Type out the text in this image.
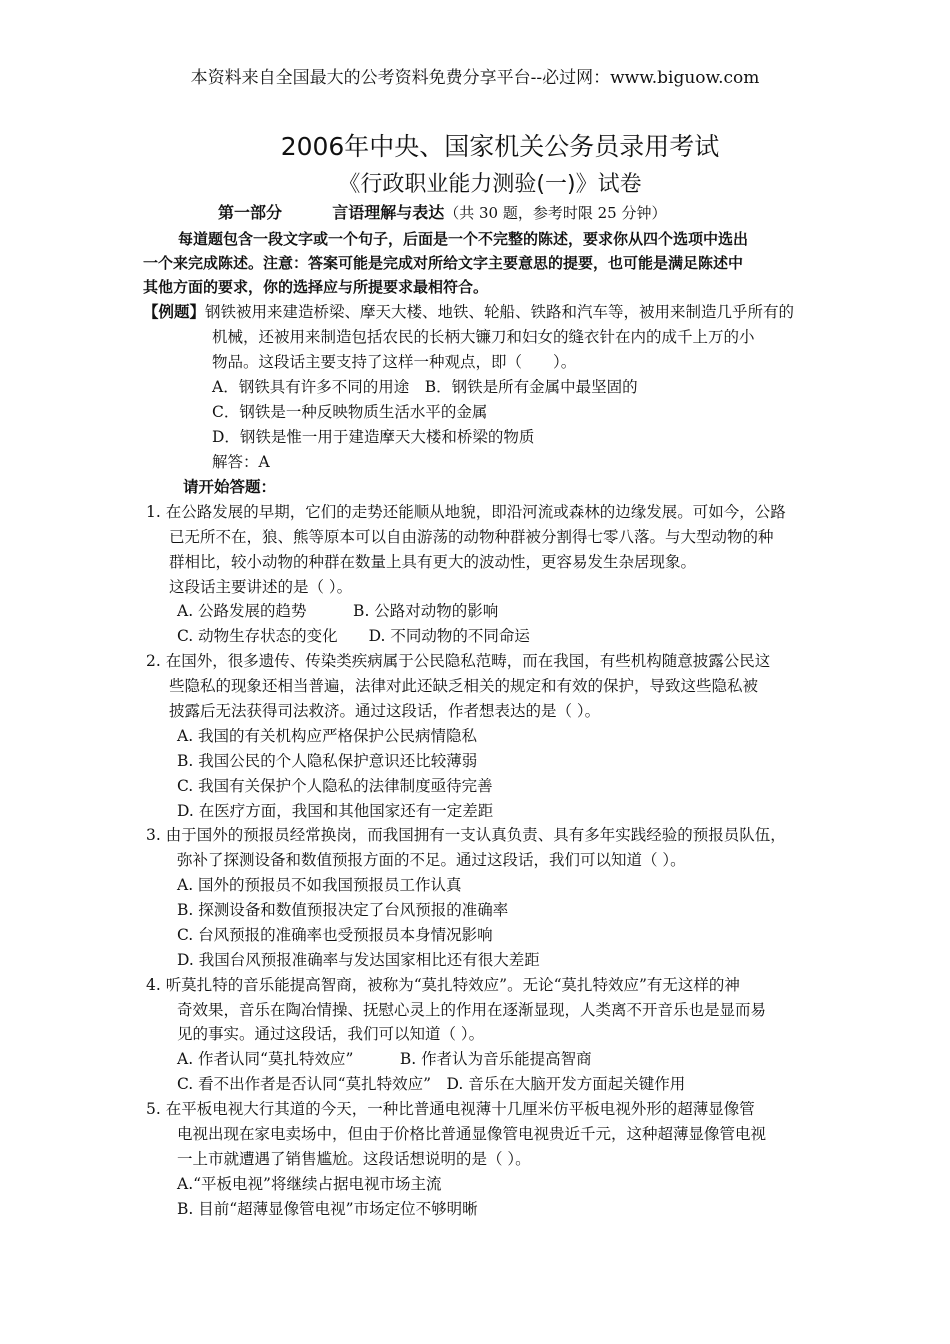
本资料来自全国最大的公考资料免费分享平台--必过网：www.biguow.com
2006年中央、国家机关公务员录用考试
《行政职业能力测验(一)》试卷
第一部分	言语理解与表达（共 30 题，参考时限 25 分钟）
每道题包含一段文字或一个句子，后面是一个不完整的陈述，要求你从四个选项中选出
一个来完成陈述。注意：答案可能是完成对所给文字主要意思的提要，也可能是满足陈述中
其他方面的要求，你的选择应与所提要求最相符合。
【例题】钢铁被用来建造桥梁、摩天大楼、地铁、轮船、铁路和汽车等，被用来制造几乎所有的
机械，还被用来制造包括农民的长柄大镰刀和妇女的缝衣针在内的成千上万的小
物品。这段话主要支持了这样一种观点，即（　　）。
A．钢铁具有许多不同的用途　B．钢铁是所有金属中最坚固的
C．钢铁是一种反映物质生活水平的金属
D．钢铁是惟一用于建造摩天大楼和桥梁的物质
解答：A
请开始答题：
1. 在公路发展的早期，它们的走势还能顺从地貌，即沿河流或森林的边缘发展。可如今，公路
已无所不在，狼、熊等原本可以自由游荡的动物种群被分割得七零八落。与大型动物的种
群相比，较小动物的种群在数量上具有更大的波动性，更容易发生杂居现象。
这段话主要讲述的是（ ）。
A. 公路发展的趋势　　　B. 公路对动物的影响
C. 动物生存状态的变化　　D. 不同动物的不同命运
2. 在国外，很多遗传、传染类疾病属于公民隐私范畴，而在我国，有些机构随意披露公民这
些隐私的现象还相当普遍，法律对此还缺乏相关的规定和有效的保护，导致这些隐私被
披露后无法获得司法救济。通过这段话，作者想表达的是（ ）。
A. 我国的有关机构应严格保护公民病情隐私
B. 我国公民的个人隐私保护意识还比较薄弱
C. 我国有关保护个人隐私的法律制度亟待完善
D. 在医疗方面，我国和其他国家还有一定差距
3. 由于国外的预报员经常换岗，而我国拥有一支认真负责、具有多年实践经验的预报员队伍，
弥补了探测设备和数值预报方面的不足。通过这段话，我们可以知道（ ）。
A. 国外的预报员不如我国预报员工作认真
B. 探测设备和数值预报决定了台风预报的准确率
C. 台风预报的准确率也受预报员本身情况影响
D. 我国台风预报准确率与发达国家相比还有很大差距
4. 听莫扎特的音乐能提高智商，被称为“莫扎特效应”。无论“莫扎特效应”有无这样的神
奇效果，音乐在陶冶情操、抚慰心灵上的作用在逐渐显现，人类离不开音乐也是显而易
见的事实。通过这段话，我们可以知道（ ）。
A. 作者认同“莫扎特效应”　　　B. 作者认为音乐能提高智商
C. 看不出作者是否认同“莫扎特效应”　D. 音乐在大脑开发方面起关键作用
5. 在平板电视大行其道的今天，一种比普通电视薄十几厘米仿平板电视外形的超薄显像管
电视出现在家电卖场中，但由于价格比普通显像管电视贵近千元，这种超薄显像管电视
一上市就遭遇了销售尴尬。这段话想说明的是（ ）。
A.“平板电视”将继续占据电视市场主流
B. 目前“超薄显像管电视”市场定位不够明晰
